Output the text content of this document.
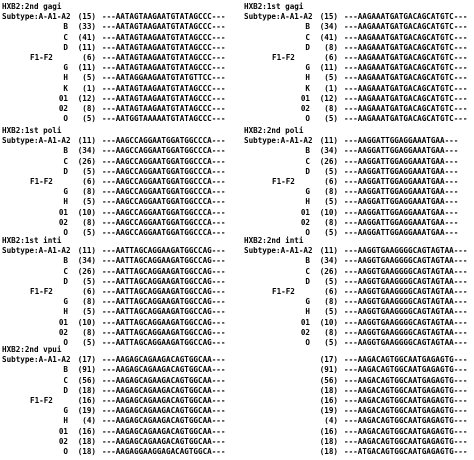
HXB2:2nd gagi
Subtype:A-A1-A2 (15) ---AATAGTAAGAATGTATAGCCC---
B (33) ---AATAGTAAGAATGTATAGCCC---
C (41) ---AATAGTAAGAATGTATAGCCC---
D (11) ---AATAGTAAGAATGTATAGCCC---
F1-F2	(6) ---AATAGTAAGAATGTATAGCCC---
G (11) ---AATAGTAAGAATGTATAGCCC---
H (5) ---AATAGGAAGAATGTATGTTCC---
K (1) ---AATAGTAAGAATGTATAGCCC---
01 (12) ---AATAGTAAGAATGTATAGCCC---
02 (8) ---AATAGTAAGAATGTATAGCCC---
O (5) ---AATGGTAAAAATGTATAGCCC---
HXB2:1st gagi
Subtype:A-A1-A2 (15) ---AAGAAATGATGACAGCATGTC---
B (34) ---AAGAAATGATGACAGCATGTC---
C (41) ---AAGAAATGATGACAGCATGTC---
D (8) ---AAGAAATGATGACAGCATGTC---
F1-F2	(6) ---AAGAAATGATGACAGCATGTC---
G (11) ---AAGAAATGATGACAGCATGTC---
H (5) ---AAGAAATGATGACAGCATGTC---
K (1) ---AAGAAATGATGACAGCATGTC---
01 (12) ---AAGAAATGATGACAGCATGTC---
02 (8) ---AAGAAATGATGACAGCATGTC---
O (5) ---AAGAAATGATGACAGCATGTC---
HXB2:1st poli
Subtype:A-A1-A2 (11) ---AAGCCAGGAATGGATGGCCCA---
B (34) ---AAGCCAGGAATGGATGGCCCA---
C (26) ---AAGCCAGGAATGGATGGCCCA---
D (5) ---AAGCCAGGAATGGATGGCCCA---
F1-F2	(6) ---AAGCCAGGAATGGATGGCCCA---
G (8) ---AAGCCAGGAATGGATGGCCCA---
H (5) ---AAGCCAGGAATGGATGGCCCA---
01 (10) ---AAGCCAGGAATGGATGGCCCA---
02 (8) ---AAGCCAGGAATGGATGGCCCA---
O (5) ---AAGCCAGGAATGGATGGCCCA---
HXB2:2nd poli
Subtype:A-A1-A2 (11) ---AAGGATTGGAGGAAATGAA---
B (34) ---AAGGATTGGAGGAAATGAA---
C (26) ---AAGGATTGGAGGAAATGAA---
D (5) ---AAGGATTGGAGGAAATGAA---
F1-F2	(6) ---AAGGATTGGAGGAAATGAA---
G (8) ---AAGGATTGGAGGAAATGAA---
H (5) ---AAGGATTGGAGGAAATGAA---
01 (10) ---AAGGATTGGAGGAAATGAA---
02 (8) ---AAGGATTGGAGGAAATGAA---
O (5) ---AAGGATTGGAGGAAATGAA---
HXB2:1st inti
Subtype:A-A1-A2 (11) ---AATTAGCAGGAAGATGGCCAG---
B (34) ---AATTAGCAGGAAGATGGCCAG---
C (26) ---AATTAGCAGGAAGATGGCCAG---
D (5) ---AATTAGCAGGAAGATGGCCAG---
F1-F2	(6) ---AATTAGCAGGAAGATGGCCAG---
G (8) ---AATTAGCAGGAAGATGGCCAG---
H (5) ---AATTAGCAGGAAGATGGCCAG---
01 (10) ---AATTAGCAGGAAGATGGCCAG---
02 (8) ---AATTAGCAGGAAGATGGCCAG---
O (5) ---AATTAGCAGGAAGATGGCCAG---
HXB2:2nd inti
Subtype:A-A1-A2 (11) ---AAGGTGAAGGGGCAGTAGTAA---
B (34) ---AAGGTGAAGGGGCAGTAGTAA---
C (26) ---AAGGTGAAGGGGCAGTAGTAA---
D (5) ---AAGGTGAAGGGGCAGTAGTAA---
F1-F2	(6) ---AAGGTGAAGGGGCAGTAGTAA---
G (8) ---AAGGTGAAGGGGCAGTAGTAA---
H (5) ---AAGGTGAAGGGGCAGTAGTAA---
01 (10) ---AAGGTGAAGGGGCAGTAGTAA---
02 (8) ---AAGGTGAAGGGGCAGTAGTAA---
O (5) ---AAGGTGAAGGGGCAGTAGTAA---
HXB2:2nd vpui
Subtype:A-A1-A2 (17) ---AAGAGCAGAAGACAGTGGCAA---
B (91) ---AAGAGCAGAAGACAGTGGCAA---
C (56) ---AAGAGCAGAAGACAGTGGCAA---
D (18) ---AAGAGCAGAAGACAGTGGCAA---
F1-F2	(16) ---AAGAGCAGAAGACAGTGGCAA---
G (19) ---AAGAGCAGAAGACAGTGGCAA---
H (4) ---AAGAGCAGAAGACAGTGGCAA---
01 (16) ---AAGAGCAGAAGACAGTGGCAA---
02 (18) ---AAGAGCAGAAGACAGTGGCAA---
O (18) ---AAGAGGAAGGAGACAGTGGCA---
(17) ---AAGACAGTGGCAATGAGAGTG---
(91) ---AAGACAGTGGCAATGAGAGTG---
(56) ---AAGACAGTGGCAATGAGAGTG---
(18) ---AAGACAGTGGCAATGAGAGTG---
(16) ---AAGACAGTGGCAATGAGAGTG---
(19) ---AAGACAGTGGCAATGAGAGTG---
(4) ---AAGACAGTGGCAATGAGAGTG---
(16) ---AAGACAGTGGCAATGAGAGTG---
(18) ---AAGACAGTGGCAATGAGAGTG---
(18) ---ATGACAGTGGCAATGAGAGTG---
